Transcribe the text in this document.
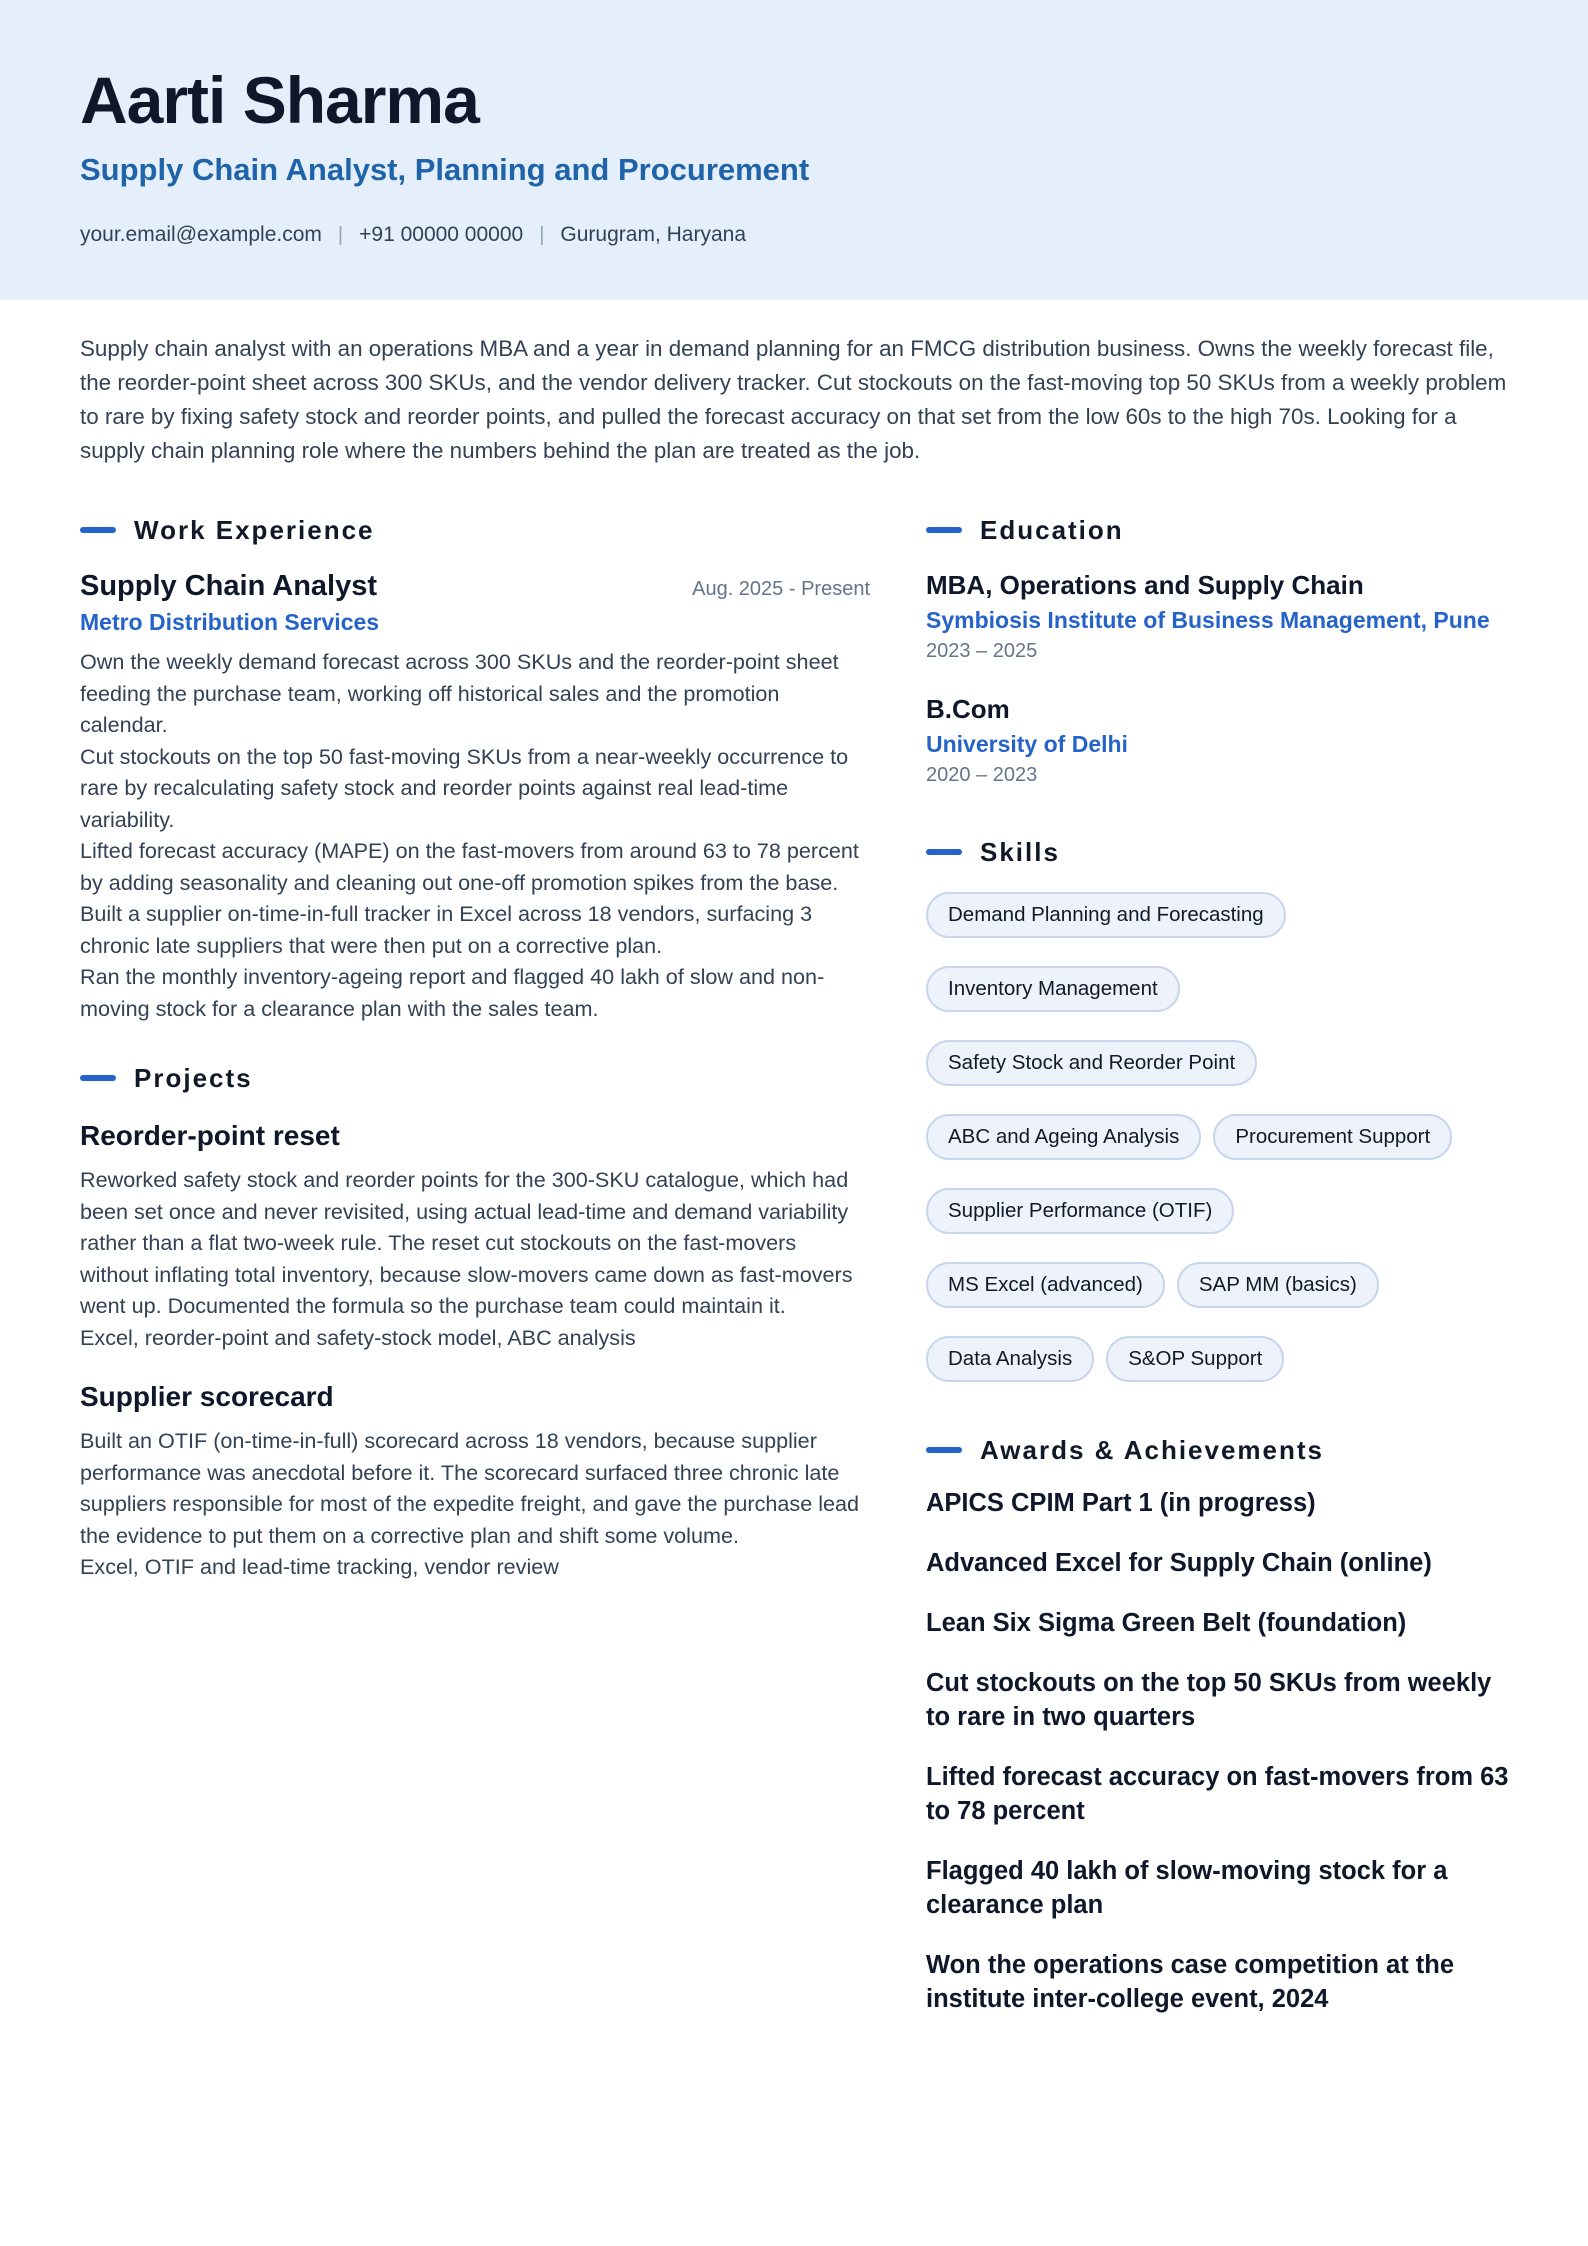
Aarti Sharma
Supply Chain Analyst, Planning and Procurement
your.email@example.com | +91 00000 00000 | Gurugram, Haryana

Supply chain analyst with an operations MBA and a year in demand planning for an FMCG distribution business. Owns the weekly forecast file, the reorder-point sheet across 300 SKUs, and the vendor delivery tracker. Cut stockouts on the fast-moving top 50 SKUs from a weekly problem to rare by fixing safety stock and reorder points, and pulled the forecast accuracy on that set from the low 60s to the high 70s. Looking for a supply chain planning role where the numbers behind the plan are treated as the job.

Work Experience
Supply Chain Analyst	Aug. 2025 - Present
Metro Distribution Services
Own the weekly demand forecast across 300 SKUs and the reorder-point sheet feeding the purchase team, working off historical sales and the promotion calendar.
Cut stockouts on the top 50 fast-moving SKUs from a near-weekly occurrence to rare by recalculating safety stock and reorder points against real lead-time variability.
Lifted forecast accuracy (MAPE) on the fast-movers from around 63 to 78 percent by adding seasonality and cleaning out one-off promotion spikes from the base.
Built a supplier on-time-in-full tracker in Excel across 18 vendors, surfacing 3 chronic late suppliers that were then put on a corrective plan.
Ran the monthly inventory-ageing report and flagged 40 lakh of slow and non-moving stock for a clearance plan with the sales team.
Projects
Reorder-point reset

Reworked safety stock and reorder points for the 300-SKU catalogue, which had been set once and never revisited, using actual lead-time and demand variability rather than a flat two-week rule. The reset cut stockouts on the fast-movers without inflating total inventory, because slow-movers came down as fast-movers went up. Documented the formula so the purchase team could maintain it.

Excel, reorder-point and safety-stock model, ABC analysis

Supplier scorecard

Built an OTIF (on-time-in-full) scorecard across 18 vendors, because supplier performance was anecdotal before it. The scorecard surfaced three chronic late suppliers responsible for most of the expedite freight, and gave the purchase lead the evidence to put them on a corrective plan and shift some volume.

Excel, OTIF and lead-time tracking, vendor review

Education
MBA, Operations and Supply Chain
Symbiosis Institute of Business Management, Pune
2023 – 2025
B.Com
University of Delhi
2020 – 2023
Skills
Demand Planning and Forecasting
Inventory Management
Safety Stock and Reorder Point
ABC and Ageing Analysis	Procurement Support
Supplier Performance (OTIF)
MS Excel (advanced)	SAP MM (basics)
Data Analysis	S&OP Support
Awards & Achievements
APICS CPIM Part 1 (in progress)
Advanced Excel for Supply Chain (online)
Lean Six Sigma Green Belt (foundation)
Cut stockouts on the top 50 SKUs from weekly to rare in two quarters
Lifted forecast accuracy on fast-movers from 63 to 78 percent
Flagged 40 lakh of slow-moving stock for a clearance plan
Won the operations case competition at the institute inter-college event, 2024
